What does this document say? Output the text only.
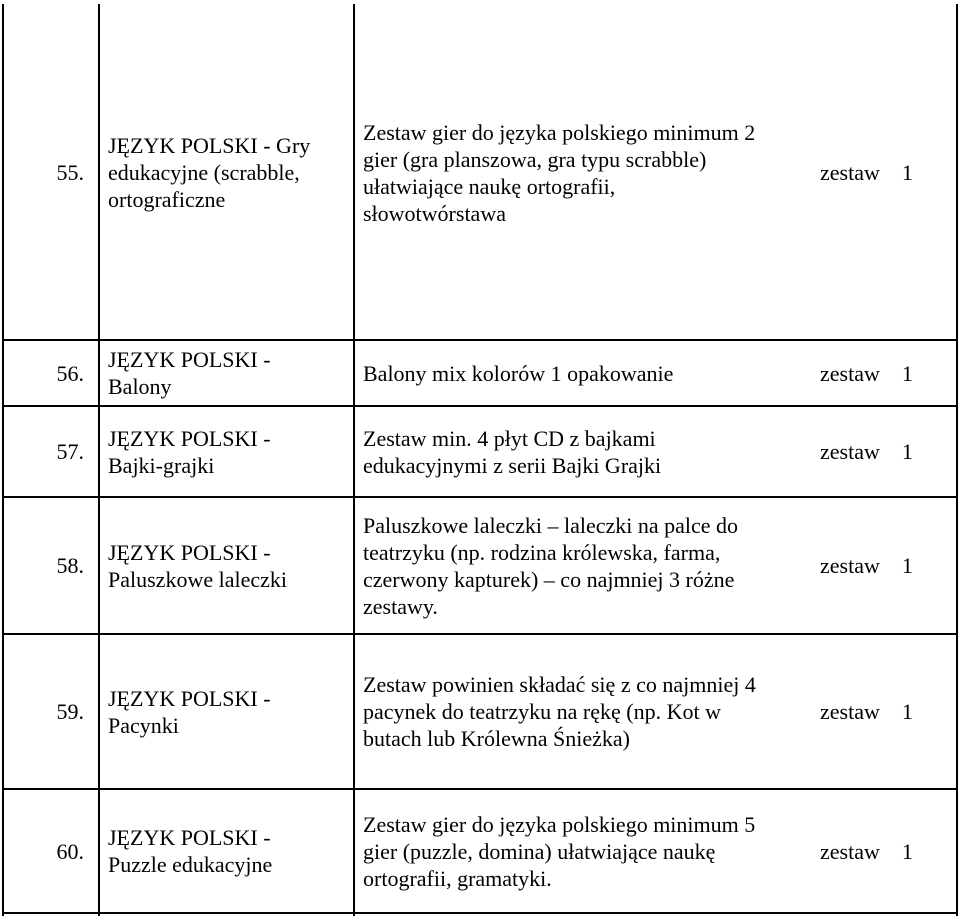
55.
JĘZYK POLSKI - Gry
edukacyjne (scrabble,
ortograficzne
Zestaw gier do języka polskiego minimum 2
gier (gra planszowa, gra typu scrabble)
ułatwiające naukę ortografii,
słowotwórstawa
zestaw 1
56.
JĘZYK POLSKI -
Balony
Balony mix kolorów 1 opakowanie	zestaw 1
57.
JĘZYK POLSKI -
Bajki-grajki
Zestaw min. 4 płyt CD z bajkami
edukacyjnymi z serii Bajki Grajki
zestaw 1
58.
JĘZYK POLSKI -
Paluszkowe laleczki
Paluszkowe laleczki – laleczki na palce do
teatrzyku (np. rodzina królewska, farma,
czerwony kapturek) – co najmniej 3 różne
zestawy.
zestaw 1
59.
JĘZYK POLSKI -
Pacynki
Zestaw powinien składać się z co najmniej 4
pacynek do teatrzyku na rękę (np. Kot w
butach lub Królewna Śnieżka)
zestaw 1
60.
JĘZYK POLSKI -
Puzzle edukacyjne
Zestaw gier do języka polskiego minimum 5
gier (puzzle, domina) ułatwiające naukę
ortografii, gramatyki.
zestaw 1
